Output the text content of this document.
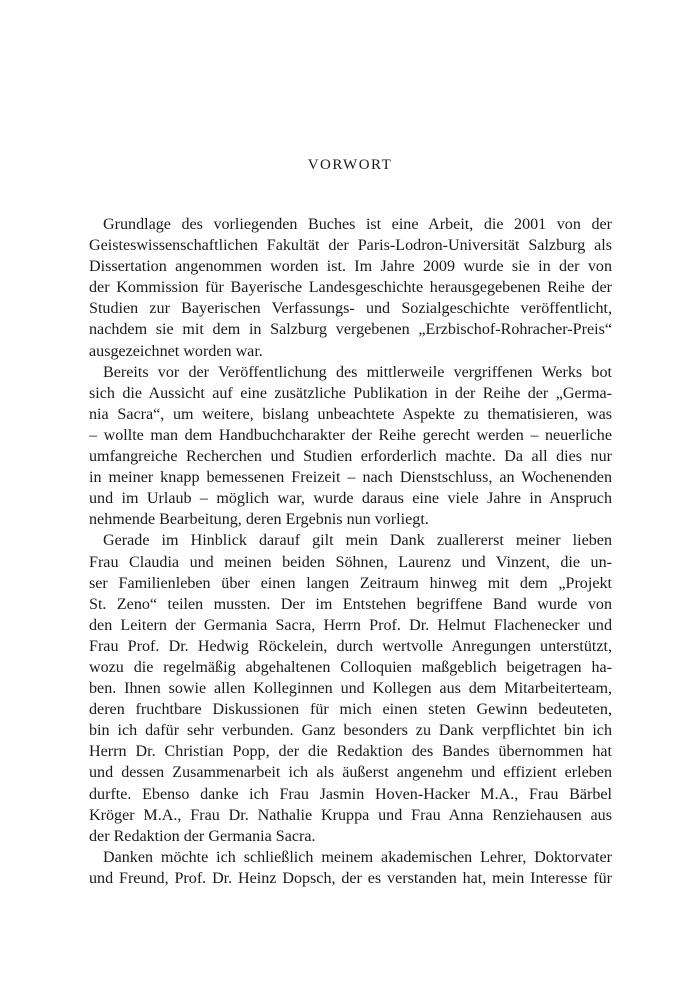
VORWORT
Grundlage des vorliegenden Buches ist eine Arbeit, die 2001 von der
Geisteswissenschaftlichen Fakultät der Paris-Lodron-Universität Salzburg als
Dissertation angenommen worden ist. Im Jahre 2009 wurde sie in der von
der Kommission für Bayerische Landesgeschichte herausgegebenen Reihe der
Studien zur Bayerischen Verfassungs- und Sozialgeschichte veröffentlicht,
nachdem sie mit dem in Salzburg vergebenen „Erzbischof-Rohracher-Preis“
ausgezeichnet worden war.
Bereits vor der Veröffentlichung des mittlerweile vergriffenen Werks bot
sich die Aussicht auf eine zusätzliche Publikation in der Reihe der „Germa-
nia Sacra“, um weitere, bislang unbeachtete Aspekte zu thematisieren, was
– wollte man dem Handbuchcharakter der Reihe gerecht werden – neuerliche
umfangreiche Recherchen und Studien erforderlich machte. Da all dies nur
in meiner knapp bemessenen Freizeit – nach Dienstschluss, an Wochenenden
und im Urlaub – möglich war, wurde daraus eine viele Jahre in Anspruch
nehmende Bearbeitung, deren Ergebnis nun vorliegt.
Gerade im Hinblick darauf gilt mein Dank zuallererst meiner lieben
Frau Claudia und meinen beiden Söhnen, Laurenz und Vinzent, die un-
ser Familienleben über einen langen Zeitraum hinweg mit dem „Projekt
St. Zeno“ teilen mussten. Der im Entstehen begriffene Band wurde von
den Leitern der Germania Sacra, Herrn Prof. Dr. Helmut Flachenecker und
Frau Prof. Dr. Hedwig Röckelein, durch wertvolle Anregungen unterstützt,
wozu die regelmäßig abgehaltenen Colloquien maßgeblich beigetragen ha-
ben. Ihnen sowie allen Kolleginnen und Kollegen aus dem Mitarbeiterteam,
deren fruchtbare Diskussionen für mich einen steten Gewinn bedeuteten,
bin ich dafür sehr verbunden. Ganz besonders zu Dank verpflichtet bin ich
Herrn Dr. Christian Popp, der die Redaktion des Bandes übernommen hat
und dessen Zusammenarbeit ich als äußerst angenehm und effizient erleben
durfte. Ebenso danke ich Frau Jasmin Hoven-Hacker M.A., Frau Bärbel
Kröger M.A., Frau Dr. Nathalie Kruppa und Frau Anna Renziehausen aus
der Redaktion der Germania Sacra.
Danken möchte ich schließlich meinem akademischen Lehrer, Doktorvater
und Freund, Prof. Dr. Heinz Dopsch, der es verstanden hat, mein Interesse für
